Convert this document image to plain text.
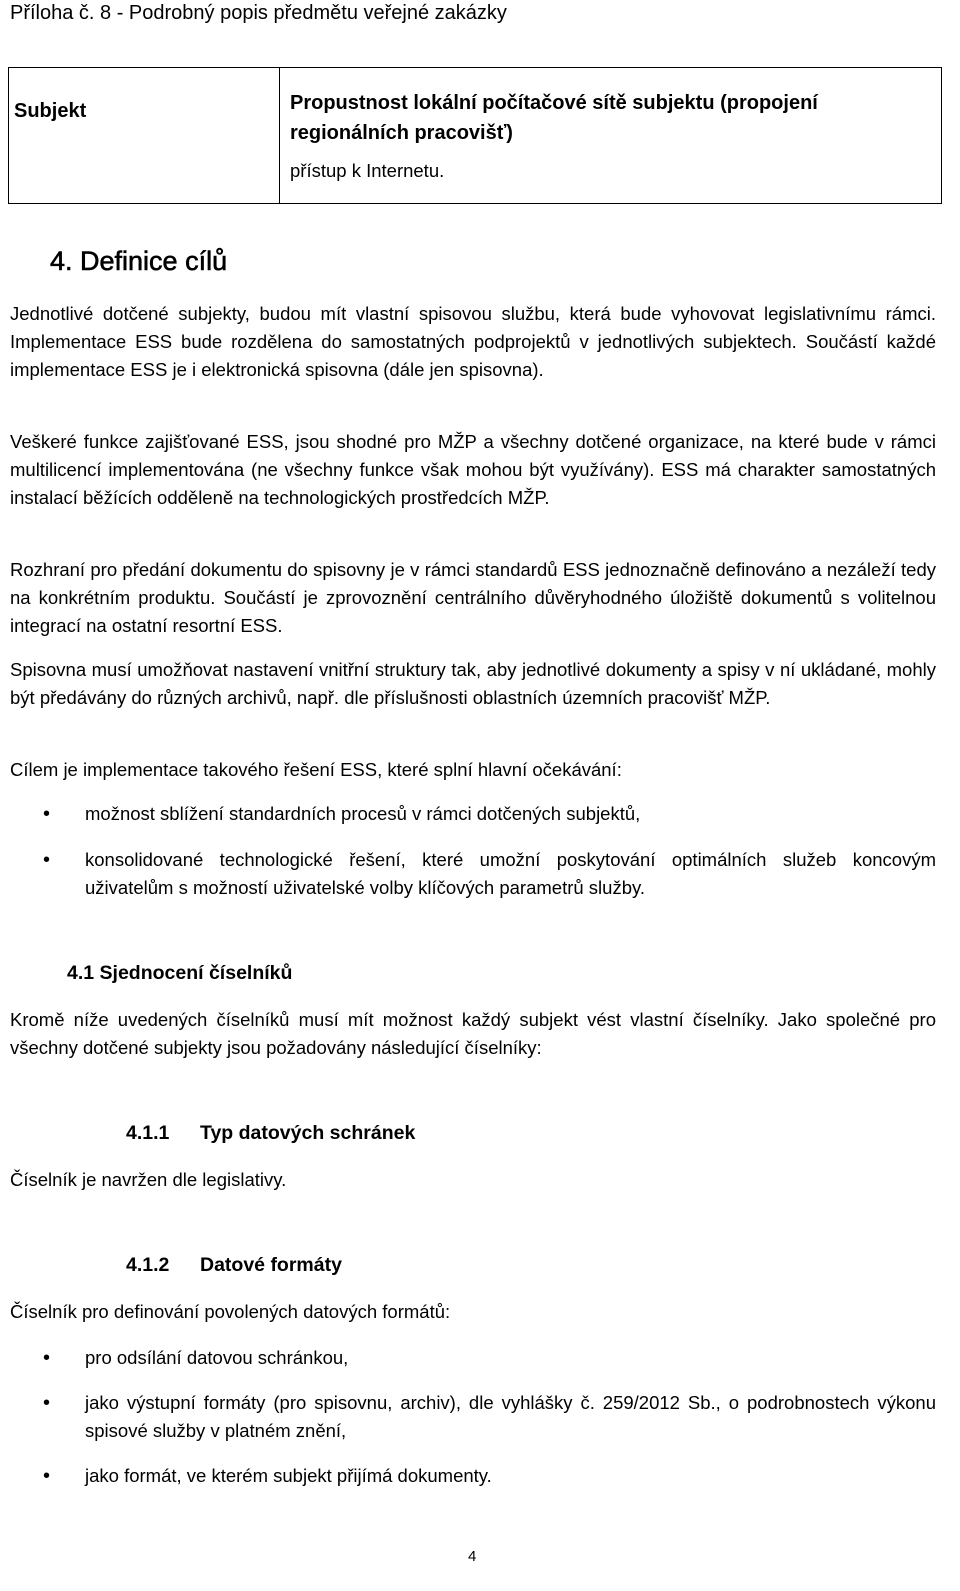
Příloha č. 8 - Podrobný popis předmětu veřejné zakázky
Subjekt	Propustnost lokální počítačové sítě subjektu (propojení regionálních pracovišť)
přístup k Internetu.
4. Definice cílů
Jednotlivé dotčené subjekty, budou mít vlastní spisovou službu, která bude vyhovovat legislativnímu rámci. Implementace ESS bude rozdělena do samostatných podprojektů v jednotlivých subjektech. Součástí každé implementace ESS je i elektronická spisovna (dále jen spisovna).
Veškeré funkce zajišťované ESS, jsou shodné pro MŽP a všechny dotčené organizace, na které bude v rámci multilicencí implementována (ne všechny funkce však mohou být využívány). ESS má charakter samostatných instalací běžících odděleně na technologických prostředcích MŽP.
Rozhraní pro předání dokumentu do spisovny je v rámci standardů ESS jednoznačně definováno a nezáleží tedy na konkrétním produktu. Součástí je zprovoznění centrálního důvěryhodného úložiště dokumentů s volitelnou integrací na ostatní resortní ESS.
Spisovna musí umožňovat nastavení vnitřní struktury tak, aby jednotlivé dokumenty a spisy v ní ukládané, mohly být předávány do různých archivů, např. dle příslušnosti oblastních územních pracovišť MŽP.
Cílem je implementace takového řešení ESS, které splní hlavní očekávání:
• možnost sblížení standardních procesů v rámci dotčených subjektů,
• konsolidované technologické řešení, které umožní poskytování optimálních služeb koncovým uživatelům s možností uživatelské volby klíčových parametrů služby.
4.1 Sjednocení číselníků
Kromě níže uvedených číselníků musí mít možnost každý subjekt vést vlastní číselníky. Jako společné pro všechny dotčené subjekty jsou požadovány následující číselníky:
4.1.1 Typ datových schránek
Číselník je navržen dle legislativy.
4.1.2 Datové formáty
Číselník pro definování povolených datových formátů:
• pro odsílání datovou schránkou,
• jako výstupní formáty (pro spisovnu, archiv), dle vyhlášky č. 259/2012 Sb., o podrobnostech výkonu spisové služby v platném znění,
• jako formát, ve kterém subjekt přijímá dokumenty.
4
